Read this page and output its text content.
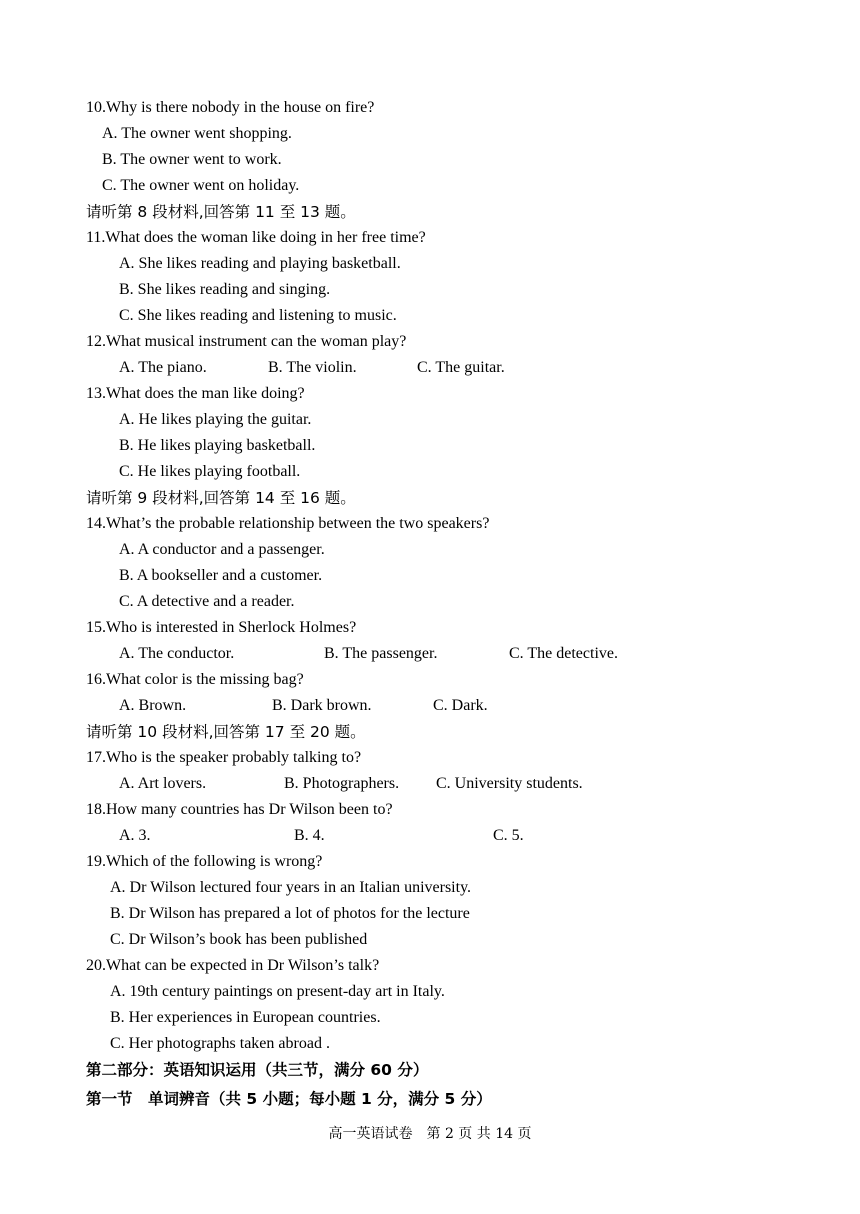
10.Why is there nobody in the house on fire?
A. The owner went shopping.
B. The owner went to work.
C. The owner went on holiday.
请听第 8 段材料,回答第 11 至 13 题。
11.What does the woman like doing in her free time?
A. She likes reading and playing basketball.
B. She likes reading and singing.
C. She likes reading and listening to music.
12.What musical instrument can the woman play?
A. The piano.	B. The violin.	C. The guitar.
13.What does the man like doing?
A. He likes playing the guitar.
B. He likes playing basketball.
C. He likes playing football.
请听第 9 段材料,回答第 14 至 16 题。
14.What’s the probable relationship between the two speakers?
A. A conductor and a passenger.
B. A bookseller and a customer.
C. A detective and a reader.
15.Who is interested in Sherlock Holmes?
A. The conductor.	B. The passenger.	C. The detective.
16.What color is the missing bag?
A. Brown.	B. Dark brown.	C. Dark.
请听第 10 段材料,回答第 17 至 20 题。
17.Who is the speaker probably talking to?
A. Art lovers.	B. Photographers. C. University students.
18.How many countries has Dr Wilson been to?
A. 3.	B. 4.	C. 5.
19.Which of the following is wrong?
A. Dr Wilson lectured four years in an Italian university.
B. Dr Wilson has prepared a lot of photos for the lecture
C. Dr Wilson’s book has been published
20.What can be expected in Dr Wilson’s talk?
A. 19th century paintings on present-day art in Italy.
B. Her experiences in European countries.
C. Her photographs taken abroad .
第二部分：英语知识运用（共三节，满分 60 分）
第一节　单词辨音（共 5 小题；每小题 1 分，满分 5 分）
高一英语试卷　第 2 页 共 14 页
